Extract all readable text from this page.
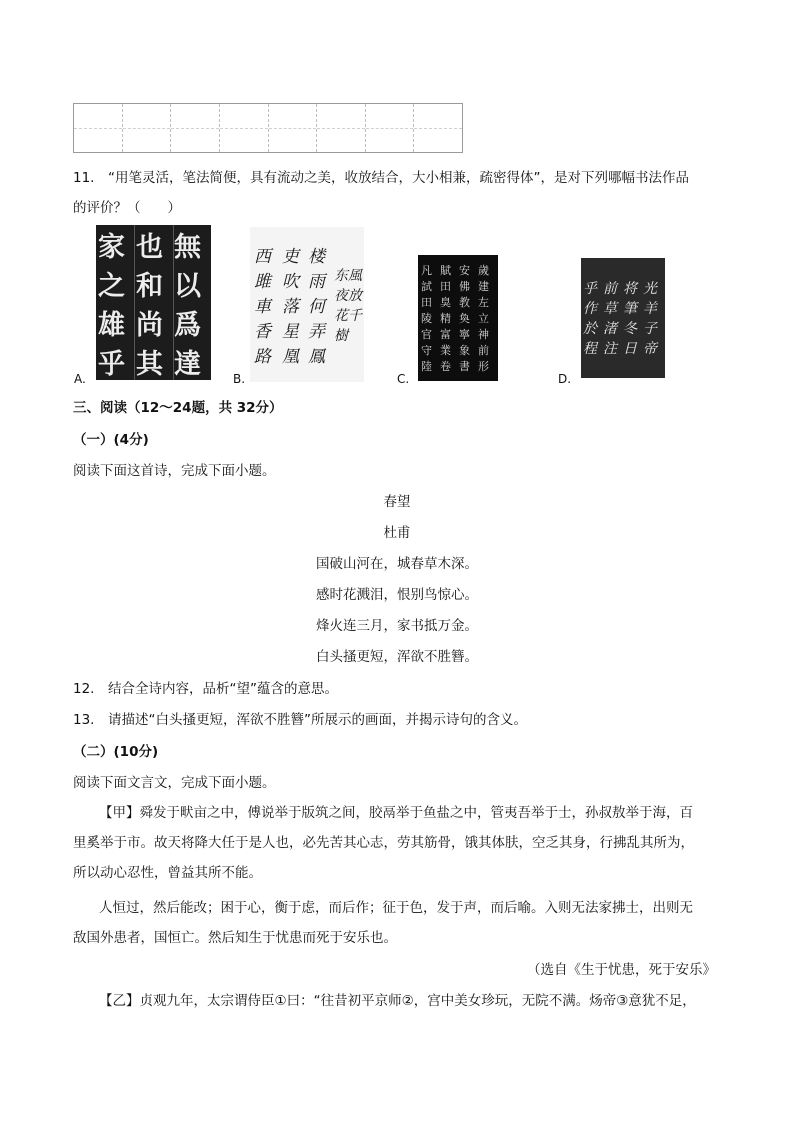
11.　“用笔灵活，笔法简便，具有流动之美，收放结合，大小相兼，疏密得体”，是对下列哪幅书法作品
的评价？（　　）
家之雄乎
也和尚其
無以爲達
A.
西雎車香路
吏吹落星凰
楼雨何弄鳳
东風夜放花千樹
B.
凡試田陵官守陸
賦田臭精富業卷
安佛教奐寧象書
歲建左立神前形
C.
乎作於程
前草渚注
将筆冬日
光羊子帝
D.
三、阅读（12～24题，共 32分）
（一）(4分)
阅读下面这首诗，完成下面小题。
春望
杜甫
国破山河在，城春草木深。
感时花溅泪，恨别鸟惊心。
烽火连三月，家书抵万金。
白头搔更短，浑欲不胜簪。
12.　结合全诗内容，品析“望”蕴含的意思。
13.　请描述“白头搔更短，浑欲不胜簪”所展示的画面，并揭示诗句的含义。
（二）(10分)
阅读下面文言文，完成下面小题。
【甲】舜发于畎亩之中，傅说举于版筑之间，胶鬲举于鱼盐之中，管夷吾举于士，孙叔敖举于海，百
里奚举于市。故天将降大任于是人也，必先苦其心志，劳其筋骨，饿其体肤，空乏其身，行拂乱其所为，
所以动心忍性，曾益其所不能。
人恒过，然后能改；困于心，衡于虑，而后作；征于色，发于声，而后喻。入则无法家拂士，出则无
敌国外患者，国恒亡。然后知生于忧患而死于安乐也。
（选自《生于忧患，死于安乐》
【乙】贞观九年，太宗谓侍臣①曰：“往昔初平京师②，宫中美女珍玩，无院不满。炀帝③意犹不足，
